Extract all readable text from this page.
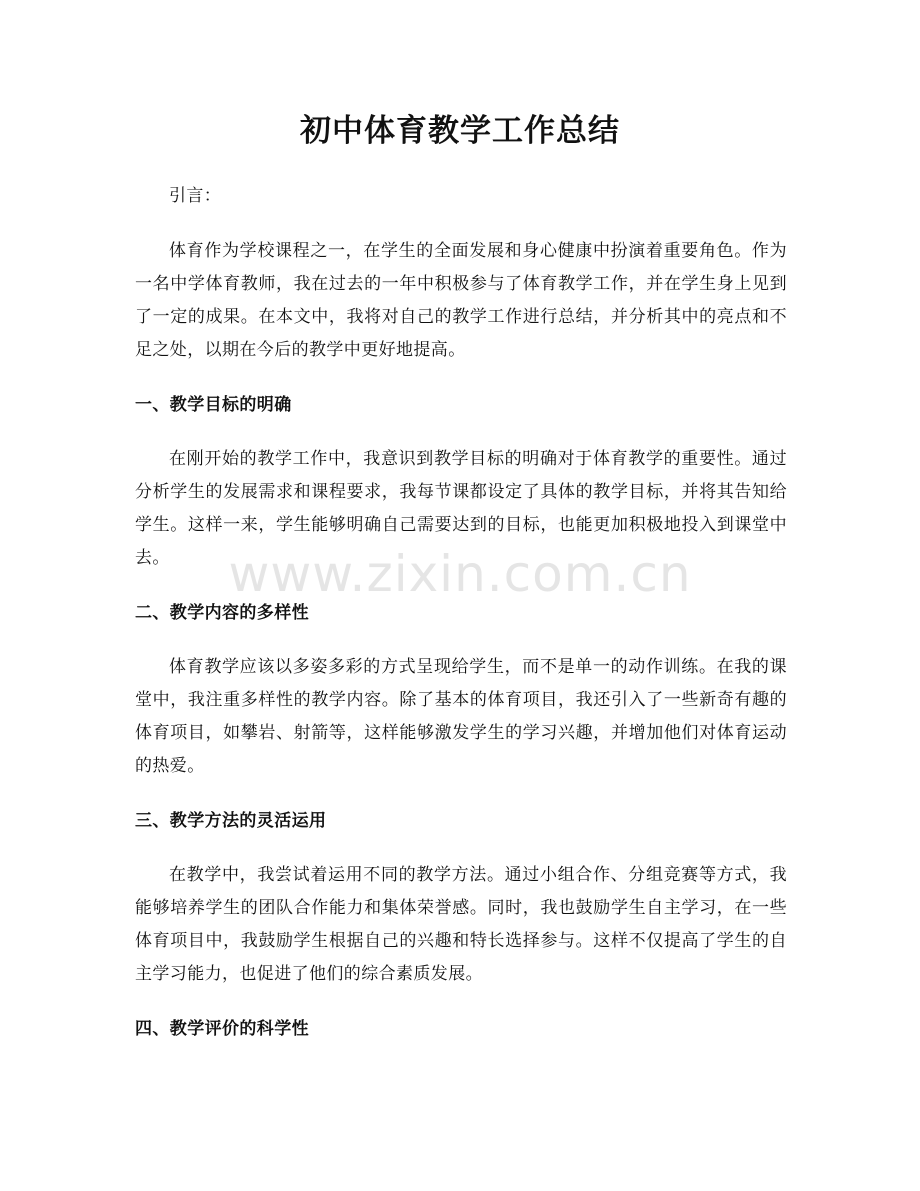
初中体育教学工作总结

引言：

体育作为学校课程之一，在学生的全面发展和身心健康中扮演着重要角色。作为一名中学体育教师，我在过去的一年中积极参与了体育教学工作，并在学生身上见到了一定的成果。在本文中，我将对自己的教学工作进行总结，并分析其中的亮点和不足之处，以期在今后的教学中更好地提高。

一、教学目标的明确

在刚开始的教学工作中，我意识到教学目标的明确对于体育教学的重要性。通过分析学生的发展需求和课程要求，我每节课都设定了具体的教学目标，并将其告知给学生。这样一来，学生能够明确自己需要达到的目标，也能更加积极地投入到课堂中去。

二、教学内容的多样性

体育教学应该以多姿多彩的方式呈现给学生，而不是单一的动作训练。在我的课堂中，我注重多样性的教学内容。除了基本的体育项目，我还引入了一些新奇有趣的体育项目，如攀岩、射箭等，这样能够激发学生的学习兴趣，并增加他们对体育运动的热爱。

三、教学方法的灵活运用

在教学中，我尝试着运用不同的教学方法。通过小组合作、分组竞赛等方式，我能够培养学生的团队合作能力和集体荣誉感。同时，我也鼓励学生自主学习，在一些体育项目中，我鼓励学生根据自己的兴趣和特长选择参与。这样不仅提高了学生的自主学习能力，也促进了他们的综合素质发展。

四、教学评价的科学性

www.zixin.com.cn
